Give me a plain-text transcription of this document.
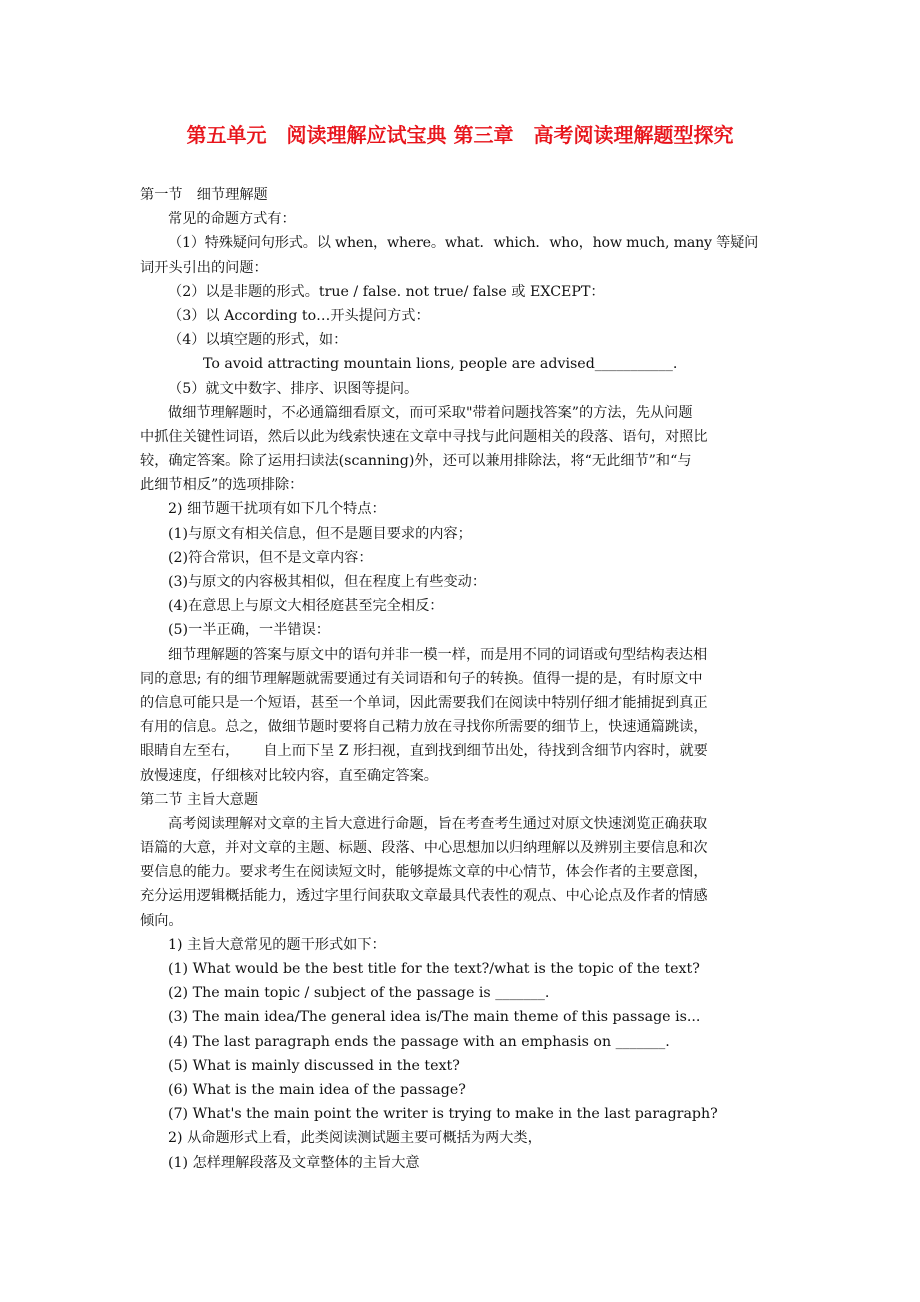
第五单元　阅读理解应试宝典 第三章　高考阅读理解题型探究
第一节　细节理解题
常见的命题方式有：
（1）特殊疑问句形式。以 when，where。what．which．who，how much, many 等疑问
词开头引出的问题：
（2）以是非题的形式。true / false. not true/ false 或 EXCEPT：
（3）以 According to…开头提问方式：
（4）以填空题的形式，如：
To avoid attracting mountain lions, people are advised___________.
（5）就文中数字、排序、识图等提问。
做细节理解题时，不必通篇细看原文，而可采取"带着问题找答案”的方法，先从问题
中抓住关键性词语，然后以此为线索快速在文章中寻找与此问题相关的段落、语句，对照比
较，确定答案。除了运用扫读法(scanning)外，还可以兼用排除法，将“无此细节”和“与
此细节相反”的选项排除：
2) 细节题干扰项有如下几个特点：
(1)与原文有相关信息，但不是题目要求的内容；
(2)符合常识，但不是文章内容：
(3)与原文的内容极其相似，但在程度上有些变动：
(4)在意思上与原文大相径庭甚至完全相反：
(5)一半正确，一半错误：
细节理解题的答案与原文中的语句并非一模一样，而是用不同的词语或句型结构表达相
同的意思; 有的细节理解题就需要通过有关词语和句子的转换。值得一提的是，有时原文中
的信息可能只是一个短语，甚至一个单词，因此需要我们在阅读中特别仔细才能捕捉到真正
有用的信息。总之，做细节题时要将自己精力放在寻找你所需要的细节上，快速通篇跳读，
眼睛自左至右， 自上而下呈 Z 形扫视，直到找到细节出处，待找到含细节内容时，就要
放慢速度，仔细核对比较内容，直至确定答案。
第二节 主旨大意题
高考阅读理解对文章的主旨大意进行命题，旨在考查考生通过对原文快速浏览正确获取
语篇的大意，并对文章的主题、标题、段落、中心思想加以归纳理解以及辨别主要信息和次
要信息的能力。要求考生在阅读短文时，能够提炼文章的中心情节，体会作者的主要意图，
充分运用逻辑概括能力，透过字里行间获取文章最具代表性的观点、中心论点及作者的情感
倾向。
1) 主旨大意常见的题干形式如下：
(1) What would be the best title for the text?/what is the topic of the text?
(2) The main topic / subject of the passage is _______.
(3) The main idea/The general idea is/The main theme of this passage is...
(4) The last paragraph ends the passage with an emphasis on _______.
(5) What is mainly discussed in the text?
(6) What is the main idea of the passage?
(7) What's the main point the writer is trying to make in the last paragraph?
2) 从命题形式上看，此类阅读测试题主要可概括为两大类，
(1) 怎样理解段落及文章整体的主旨大意
